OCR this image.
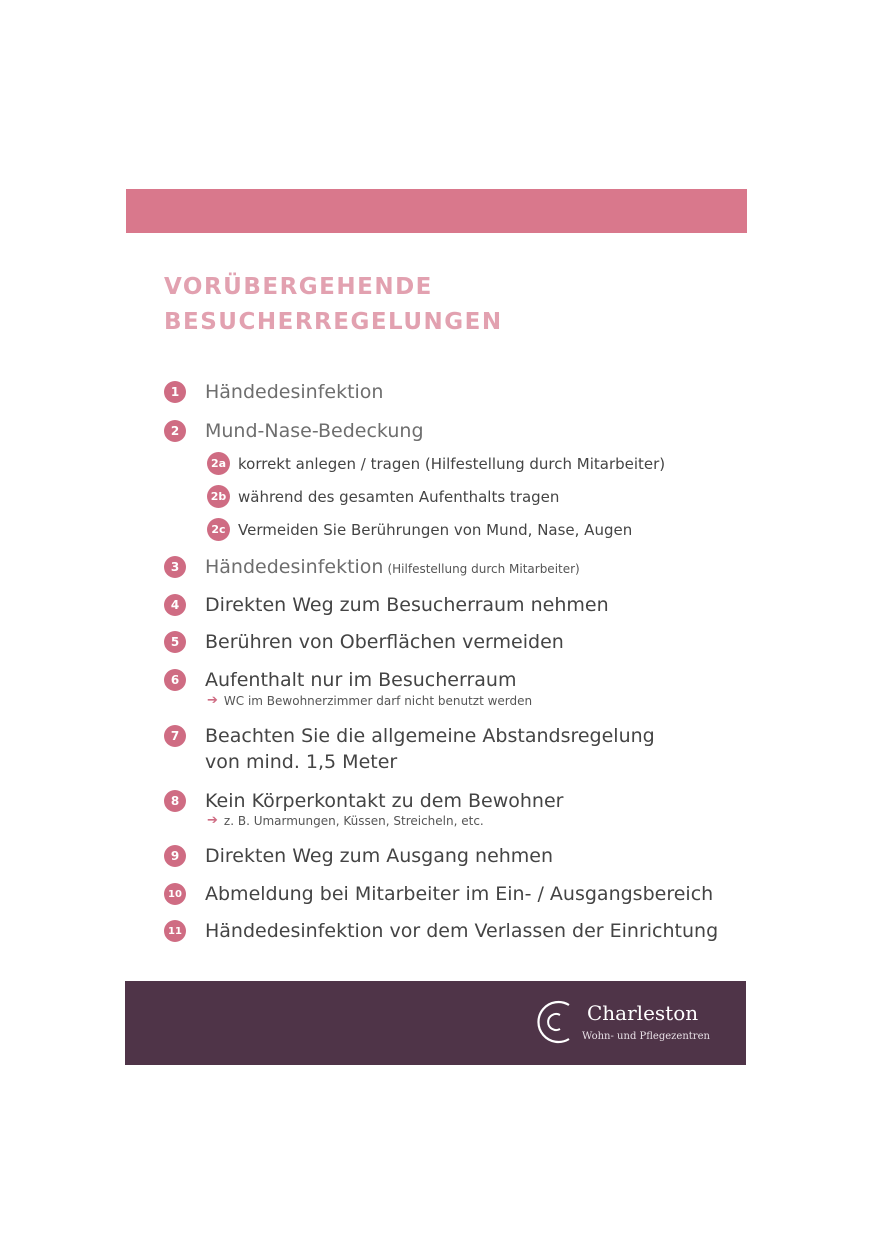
VORÜBERGEHENDE
BESUCHERREGELUNGEN
1	Händedesinfektion
2	Mund-Nase-Bedeckung
2a korrekt anlegen / tragen (Hilfestellung durch Mitarbeiter)
2b während des gesamten Aufenthalts tragen
2c Vermeiden Sie Berührungen von Mund, Nase, Augen
3	Händedesinfektion (Hilfestellung durch Mitarbeiter)
4	Direkten Weg zum Besucherraum nehmen
5	Berühren von Oberflächen vermeiden
6	Aufenthalt nur im Besucherraum
➔ WC im Bewohnerzimmer darf nicht benutzt werden
7	Beachten Sie die allgemeine Abstandsregelung
von mind. 1,5 Meter
8	Kein Körperkontakt zu dem Bewohner
➔ z. B. Umarmungen, Küssen, Streicheln, etc.
9	Direkten Weg zum Ausgang nehmen
10 Abmeldung bei Mitarbeiter im Ein- / Ausgangsbereich
11 Händedesinfektion vor dem Verlassen der Einrichtung
Charleston
Wohn- und Pflegezentren
